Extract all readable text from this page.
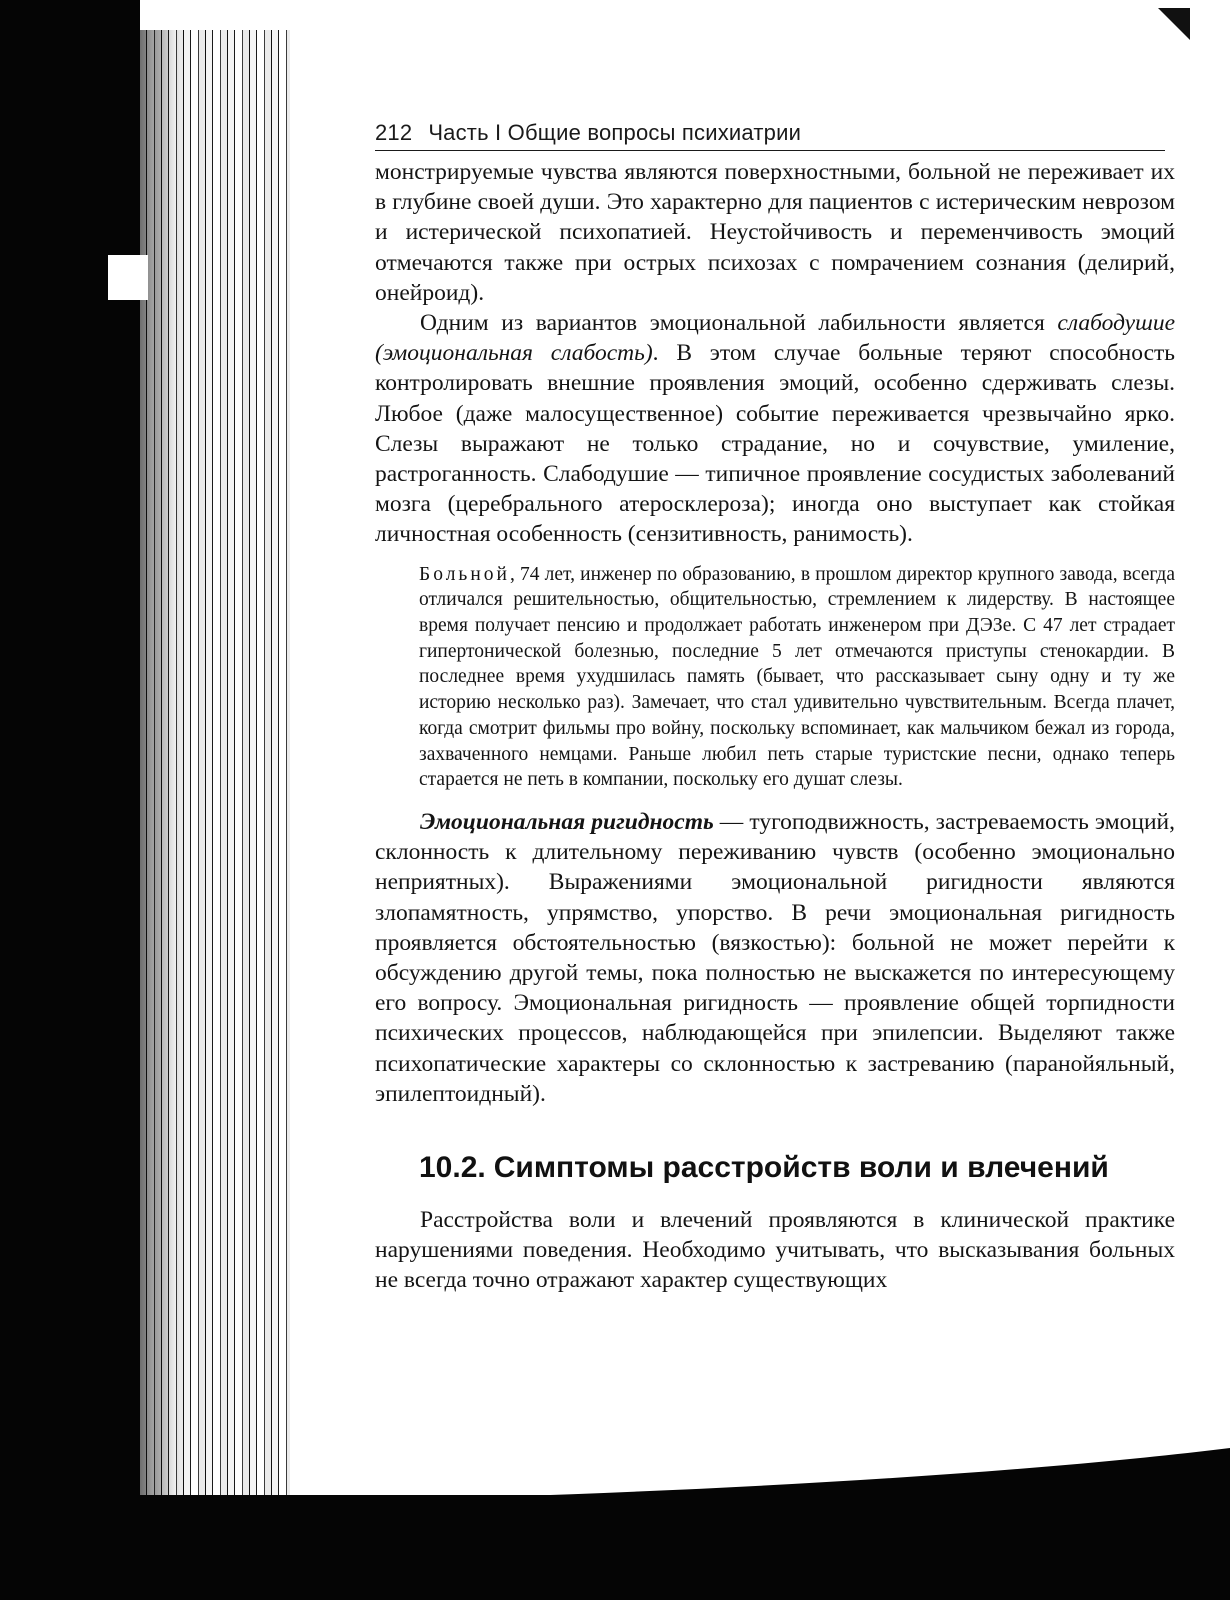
212 Часть I Общие вопросы психиатрии

монстрируемые чувства являются поверхностными, больной не переживает их в глубине своей души. Это характерно для пациентов с истерическим неврозом и истерической психопатией. Неустойчивость и переменчивость эмоций отмечаются также при острых психозах с помрачением сознания (делирий, онейроид).

Одним из вариантов эмоциональной лабильности является слабодушие (эмоциональная слабость). В этом случае больные теряют способность контролировать внешние проявления эмоций, особенно сдерживать слезы. Любое (даже малосущественное) событие переживается чрезвычайно ярко. Слезы выражают не только страдание, но и сочувствие, умиление, растроганность. Слабодушие — типичное проявление сосудистых заболеваний мозга (церебрального атеросклероза); иногда оно выступает как стойкая личностная особенность (сензитивность, ранимость).

Больной, 74 лет, инженер по образованию, в прошлом директор крупного завода, всегда отличался решительностью, общительностью, стремлением к лидерству. В настоящее время получает пенсию и продолжает работать инженером при ДЭЗе. С 47 лет страдает гипертонической болезнью, последние 5 лет отмечаются приступы стенокардии. В последнее время ухудшилась память (бывает, что рассказывает сыну одну и ту же историю несколько раз). Замечает, что стал удивительно чувствительным. Всегда плачет, когда смотрит фильмы про войну, поскольку вспоминает, как мальчиком бежал из города, захваченного немцами. Раньше любил петь старые туристские песни, однако теперь старается не петь в компании, поскольку его душат слезы.

Эмоциональная ригидность — тугоподвижность, застреваемость эмоций, склонность к длительному переживанию чувств (особенно эмоционально неприятных). Выражениями эмоциональной ригидности являются злопамятность, упрямство, упорство. В речи эмоциональная ригидность проявляется обстоятельностью (вязкостью): больной не может перейти к обсуждению другой темы, пока полностью не выскажется по интересующему его вопросу. Эмоциональная ригидность — проявление общей торпидности психических процессов, наблюдающейся при эпилепсии. Выделяют также психопатические характеры со склонностью к застреванию (паранойяльный, эпилептоидный).

10.2. Симптомы расстройств воли и влечений

Расстройства воли и влечений проявляются в клинической практике нарушениями поведения. Необходимо учитывать, что высказывания больных не всегда точно отражают характер существующих
